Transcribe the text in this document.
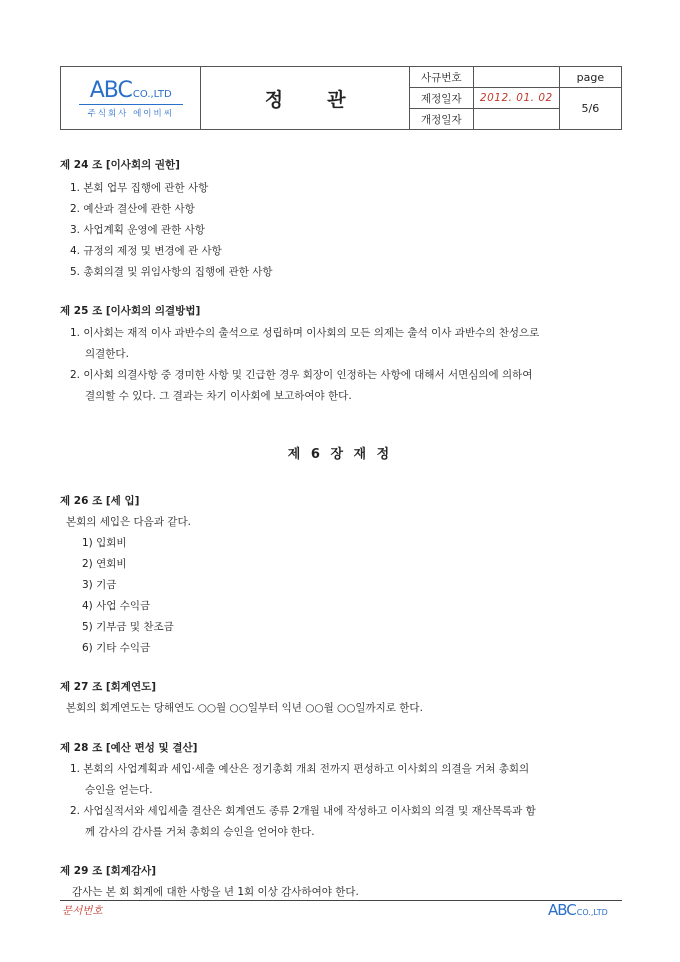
ABC CO.,LTD
주식회사 에이비씨
정관
사규번호
제정일자
개정일자
2012. 01. 02
page
5/6
제 24 조 [이사회의 권한]
1. 본회 업무 집행에 관한 사항
2. 예산과 결산에 관한 사항
3. 사업계획 운영에 관한 사항
4. 규정의 제정 및 변경에 관 사항
5. 총회의결 및 위임사항의 집행에 관한 사항
제 25 조 [이사회의 의결방법]
1. 이사회는 재적 이사 과반수의 출석으로 성립하며 이사회의 모든 의제는 출석 이사 과반수의 찬성으로
의결한다.
2. 이사회 의결사항 중 경미한 사항 및 긴급한 경우 회장이 인정하는 사항에 대해서 서면심의에 의하여
결의할 수 있다. 그 결과는 차기 이사회에 보고하여야 한다.
제 6 장 재 정
제 26 조 [세 입]
본회의 세입은 다음과 같다.
1) 입회비
2) 연회비
3) 기금
4) 사업 수익금
5) 기부금 및 찬조금
6) 기타 수익금
제 27 조 [회계연도]
본회의 회계연도는 당해연도 ○○월 ○○일부터 익년 ○○월 ○○일까지로 한다.
제 28 조 [예산 편성 및 결산]
1. 본회의 사업계획과 세입·세출 예산은 정기총회 개최 전까지 편성하고 이사회의 의결을 거쳐 총회의
승인을 얻는다.
2. 사업실적서와 세입세출 결산은 회계연도 종류 2개월 내에 작성하고 이사회의 의결 및 재산목록과 함
께 감사의 감사를 거쳐 총회의 승인을 얻어야 한다.
제 29 조 [회계감사]
감사는 본 회 회계에 대한 사항을 년 1회 이상 감사하여야 한다.
문서번호	ABC CO.,LTD
